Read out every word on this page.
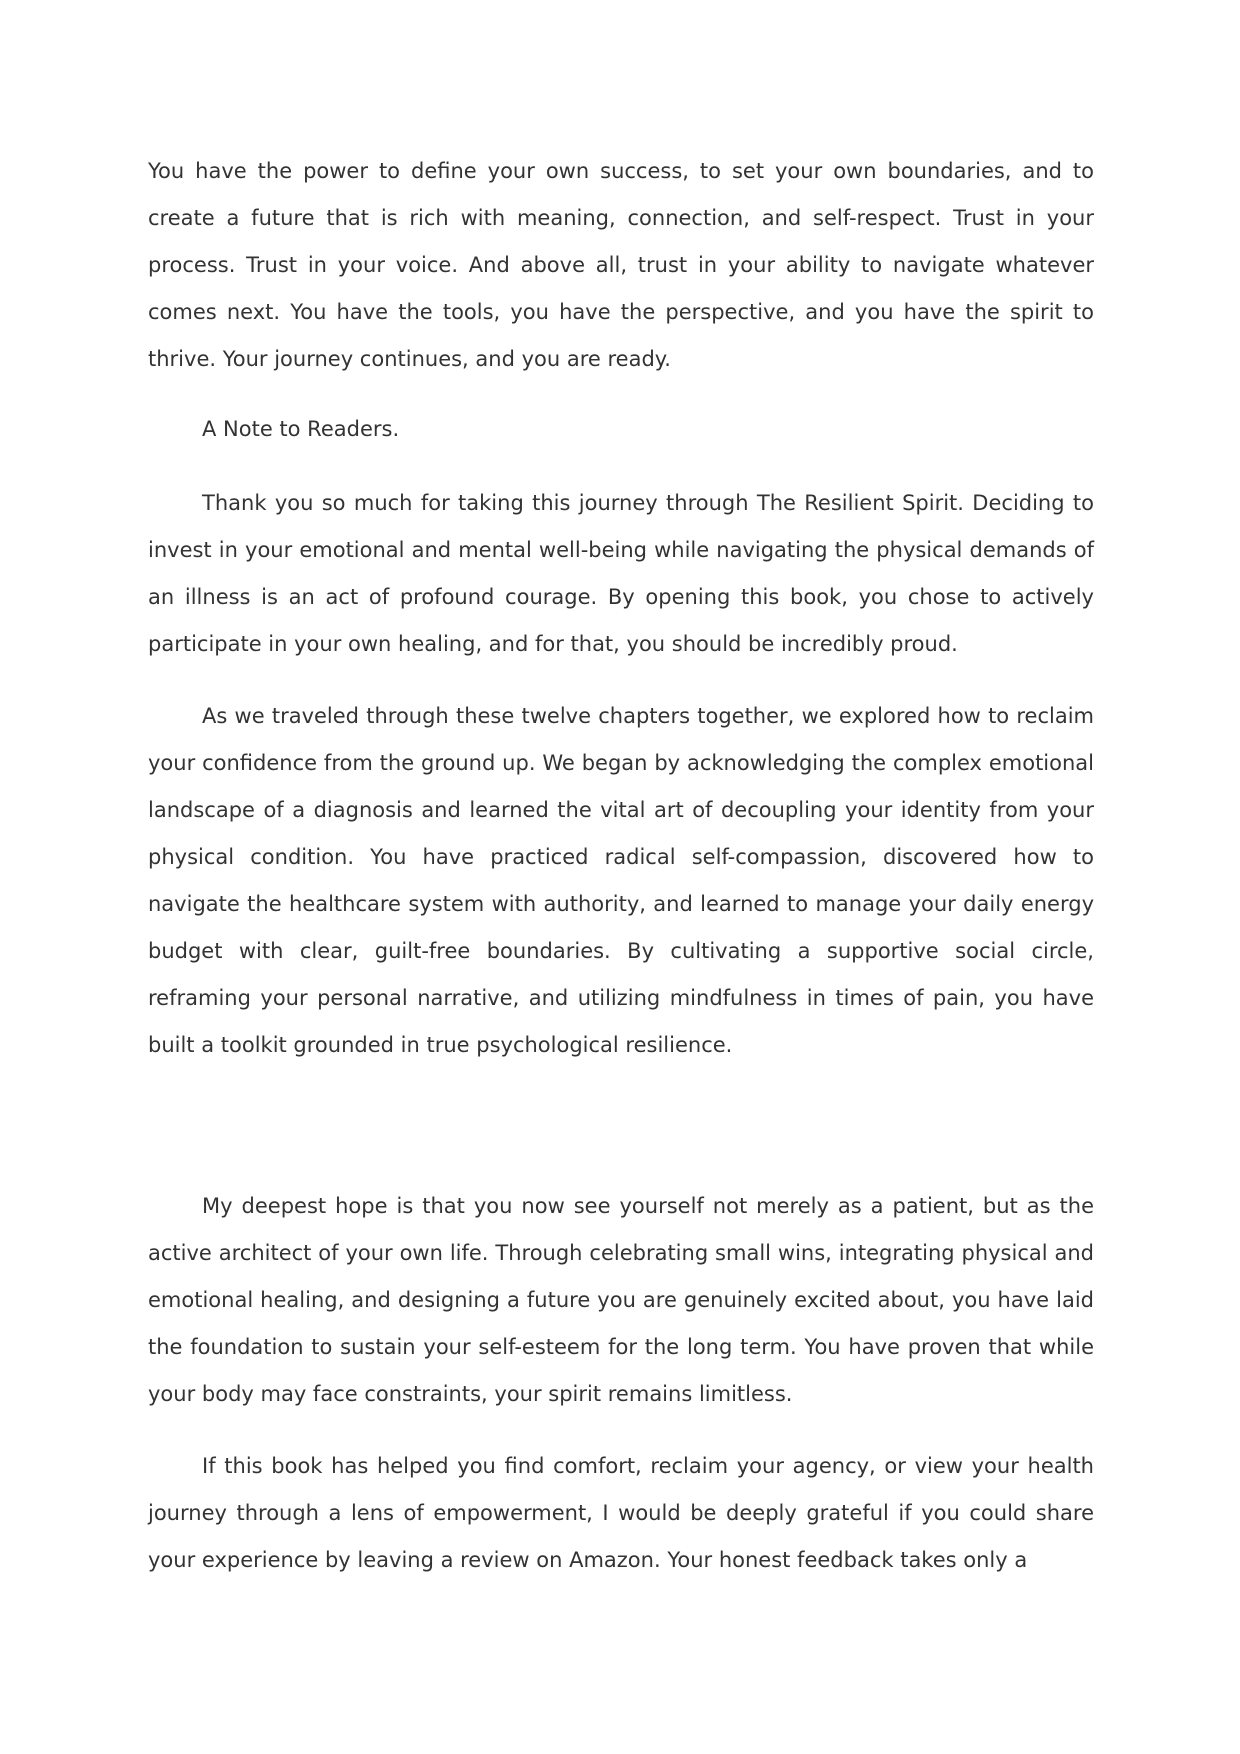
You have the power to define your own success, to set your own boundaries, and to create a future that is rich with meaning, connection, and self-respect. Trust in your process. Trust in your voice. And above all, trust in your ability to navigate whatever comes next. You have the tools, you have the perspective, and you have the spirit to thrive. Your journey continues, and you are ready.

A Note to Readers.

Thank you so much for taking this journey through The Resilient Spirit. Deciding to invest in your emotional and mental well-being while navigating the physical demands of an illness is an act of profound courage. By opening this book, you chose to actively participate in your own healing, and for that, you should be incredibly proud.

As we traveled through these twelve chapters together, we explored how to reclaim your confidence from the ground up. We began by acknowledging the complex emotional landscape of a diagnosis and learned the vital art of decoupling your identity from your physical condition. You have practiced radical self-compassion, discovered how to navigate the healthcare system with authority, and learned to manage your daily energy budget with clear, guilt-free boundaries. By cultivating a supportive social circle, reframing your personal narrative, and utilizing mindfulness in times of pain, you have built a toolkit grounded in true psychological resilience.

My deepest hope is that you now see yourself not merely as a patient, but as the active architect of your own life. Through celebrating small wins, integrating physical and emotional healing, and designing a future you are genuinely excited about, you have laid the foundation to sustain your self-esteem for the long term. You have proven that while your body may face constraints, your spirit remains limitless.

If this book has helped you find comfort, reclaim your agency, or view your health journey through a lens of empowerment, I would be deeply grateful if you could share your experience by leaving a review on Amazon. Your honest feedback takes only a
